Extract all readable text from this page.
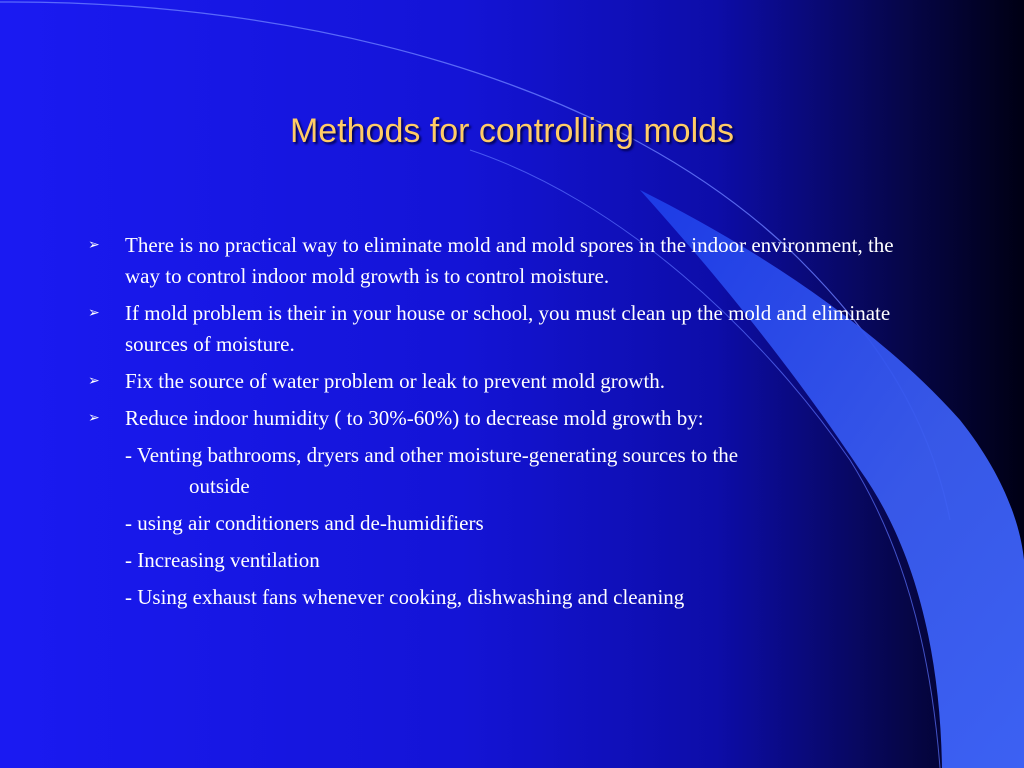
Methods for controlling molds
➢ There is no practical way to eliminate mold and mold spores in the indoor environment, the way to control indoor mold growth is to control moisture.
➢ If mold problem is their in your house or school, you must clean up the mold and eliminate sources of moisture.
➢ Fix the source of water problem or leak to prevent mold growth.
➢ Reduce indoor humidity ( to 30%-60%) to decrease mold growth by:
- Venting bathrooms, dryers and other moisture-generating sources to the
outside
- using air conditioners and de-humidifiers
- Increasing ventilation
- Using exhaust fans whenever cooking, dishwashing and cleaning
